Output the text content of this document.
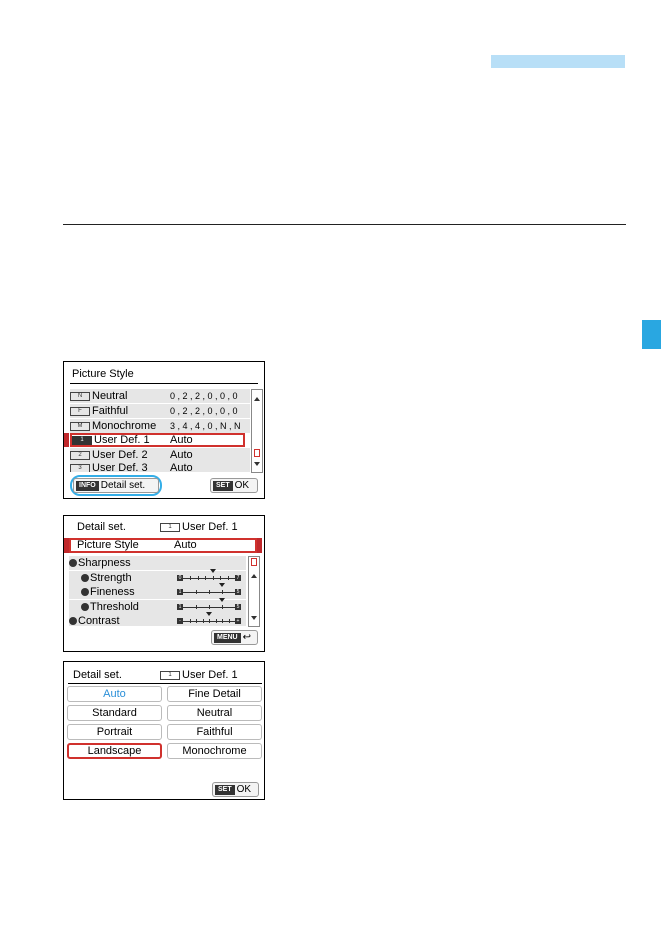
Picture Style
N Neutral	0 , 2 , 2 , 0 , 0 , 0
F Faithful	0 , 2 , 2 , 0 , 0 , 0
M Monochrome 3 , 4 , 4 , 0 , N , N
1 User Def. 1 Auto
2 User Def. 2 Auto
3 User Def. 3 Auto
INFO Detail set.	SET OK
Detail set.	1 User Def. 1
Picture Style	Auto
Sharpness
Strength	0	7
Fineness	1	5
Threshold	1	5
Contrast	-	+
MENU ↩
Detail set.	1 User Def. 1
Auto	Fine Detail
Standard	Neutral
Portrait	Faithful
Landscape	Monochrome
SET OK
